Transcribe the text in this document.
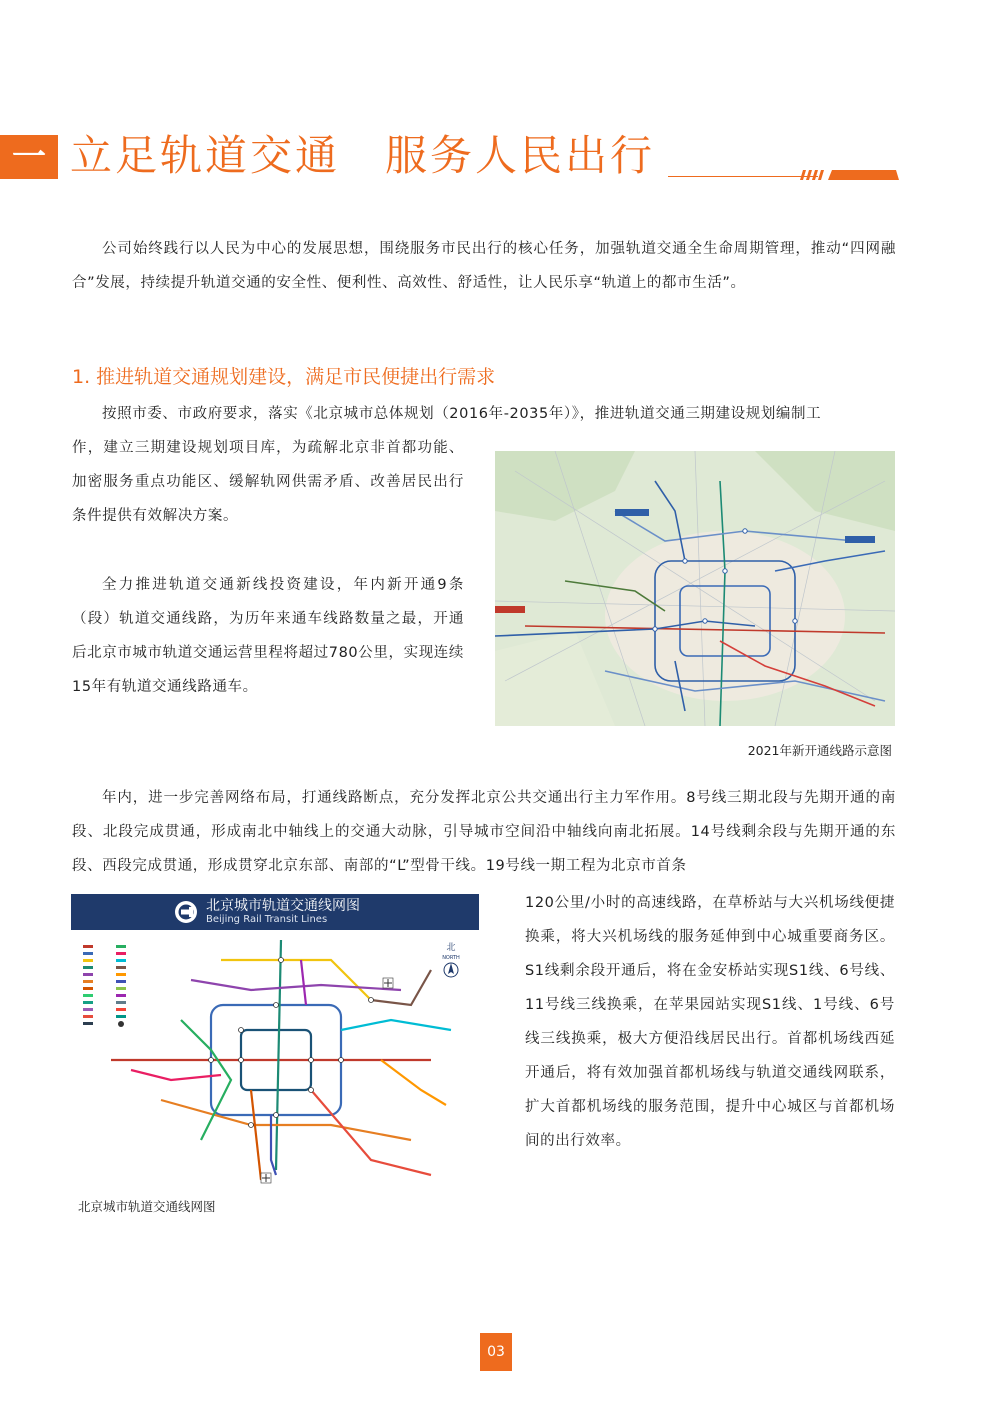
一 立足轨道交通　服务人民出行
公司始终践行以人民为中心的发展思想，围绕服务市民出行的核心任务，加强轨道交通全生命周期管理，推动“四网融合”发展，持续提升轨道交通的安全性、便利性、高效性、舒适性，让人民乐享“轨道上的都市生活”。
1. 推进轨道交通规划建设，满足市民便捷出行需求
按照市委、市政府要求，落实《北京城市总体规划（2016年-2035年）》，推进轨道交通三期建设规划编制工
作，建立三期建设规划项目库，为疏解北京非首都功能、加密服务重点功能区、缓解轨网供需矛盾、改善居民出行条件提供有效解决方案。
全力推进轨道交通新线投资建设，年内新开通9条（段）轨道交通线路，为历年来通车线路数量之最，开通后北京市城市轨道交通运营里程将超过780公里，实现连续15年有轨道交通线路通车。
2021年新开通线路示意图
年内，进一步完善网络布局，打通线路断点，充分发挥北京公共交通出行主力军作用。8号线三期北段与先期开通的南段、北段完成贯通，形成南北中轴线上的交通大动脉，引导城市空间沿中轴线向南北拓展。14号线剩余段与先期开通的东段、西段完成贯通，形成贯穿北京东部、南部的“L”型骨干线。19号线一期工程为北京市首条
北京城市轨道交通线网图
Beijing Rail Transit Lines
北
NORTH
北京城市轨道交通线网图
120公里/小时的高速线路，在草桥站与大兴机场线便捷换乘，将大兴机场线的服务延伸到中心城重要商务区。S1线剩余段开通后，将在金安桥站实现S1线、6号线、11号线三线换乘，在苹果园站实现S1线、1号线、6号线三线换乘，极大方便沿线居民出行。首都机场线西延开通后，将有效加强首都机场线与轨道交通线网联系，扩大首都机场线的服务范围，提升中心城区与首都机场间的出行效率。
03
